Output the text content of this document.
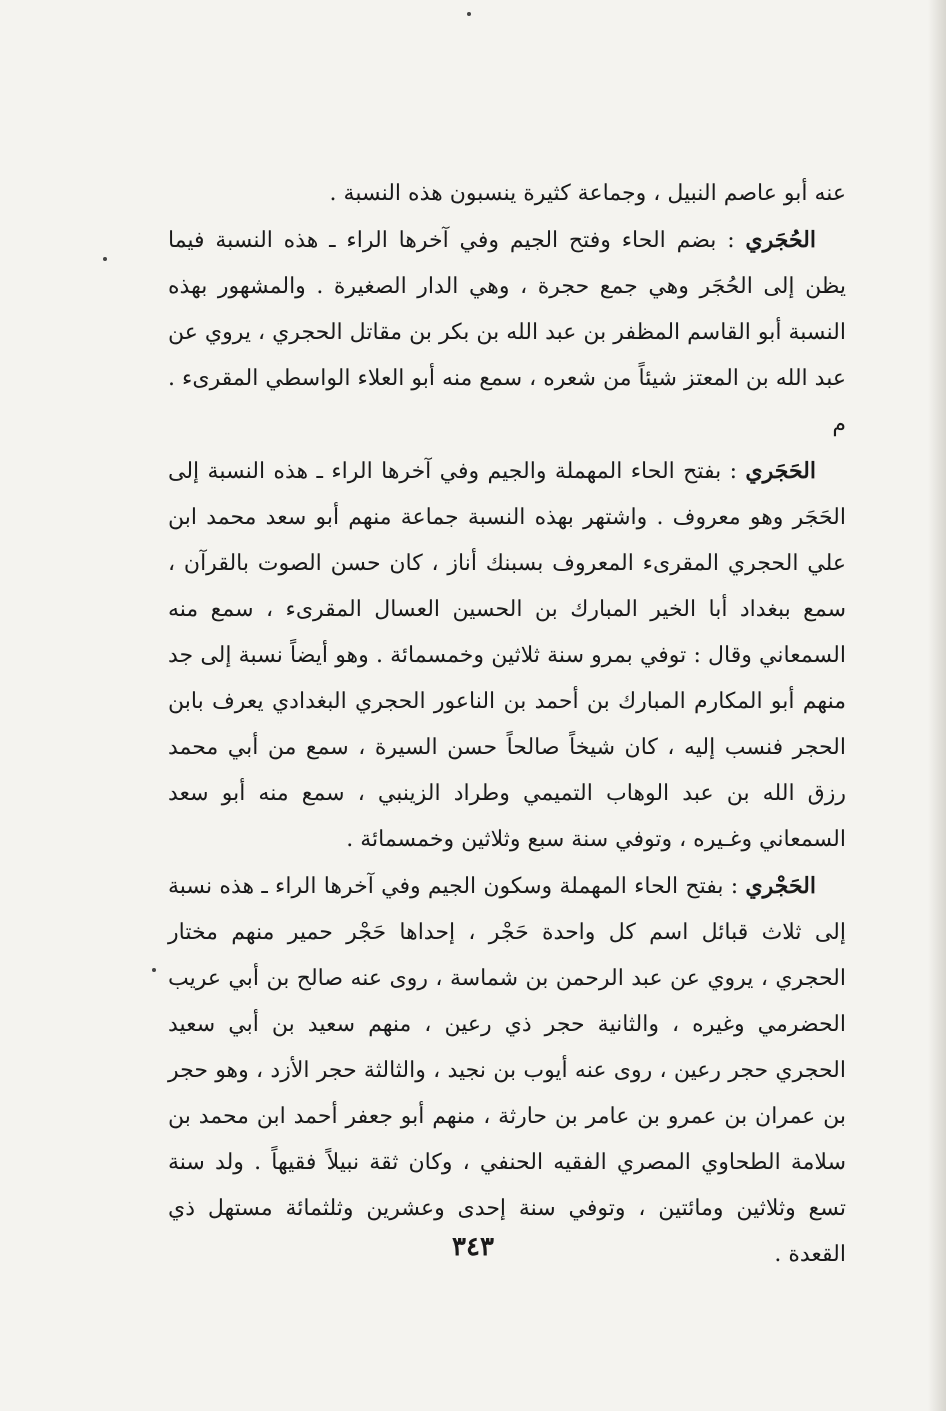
عنه أبو عاصم النبيل ، وجماعة كثيرة ينسبون هذه النسبة .

الحُجَري : بضم الحاء وفتح الجيم وفي آخرها الراء ـ هذه النسبة فيما يظن إلى الحُجَر وهي جمع حجرة ، وهي الدار الصغيرة . والمشهور بهذه النسبة أبو القاسم المظفر بن عبد الله بن بكر بن مقاتل الحجري ، يروي عن عبد الله بن المعتز شيئاً من شعره ، سمع منه أبو العلاء الواسطي المقرىء . م

الحَجَري : بفتح الحاء المهملة والجيم وفي آخرها الراء ـ هذه النسبة إلى الحَجَر وهو معروف . واشتهر بهذه النسبة جماعة منهم أبو سعد محمد ابن علي الحجري المقرىء المعروف بسبنك أناز ، كان حسن الصوت بالقرآن ، سمع ببغداد أبا الخير المبارك بن الحسين العسال المقرىء ، سمع منه السمعاني وقال : توفي بمرو سنة ثلاثين وخمسمائة . وهو أيضاً نسبة إلى جد منهم أبو المكارم المبارك بن أحمد بن الناعور الحجري البغدادي يعرف بابن الحجر فنسب إليه ، كان شيخاً صالحاً حسن السيرة ، سمع من أبي محمد رزق الله بن عبد الوهاب التميمي وطراد الزينبي ، سمع منه أبو سعد السمعاني وغـيره ، وتوفي سنة سبع وثلاثين وخمسمائة .

الحَجْري : بفتح الحاء المهملة وسكون الجيم وفي آخرها الراء ـ هذه نسبة إلى ثلاث قبائل اسم كل واحدة حَجْر ، إحداها حَجْر حمير منهم مختار الحجري ، يروي عن عبد الرحمن بن شماسة ، روى عنه صالح بن أبي عريب الحضرمي وغيره ، والثانية حجر ذي رعين ، منهم سعيد بن أبي سعيد الحجري حجر رعين ، روى عنه أيوب بن نجيد ، والثالثة حجر الأزد ، وهو حجر بن عمران بن عمرو بن عامر بن حارثة ، منهم أبو جعفر أحمد ابن محمد بن سلامة الطحاوي المصري الفقيه الحنفي ، وكان ثقة نبيلاً فقيهاً . ولد سنة تسع وثلاثين ومائتين ، وتوفي سنة إحدى وعشرين وثلثمائة مستهل ذي القعدة .

٣٤٣
